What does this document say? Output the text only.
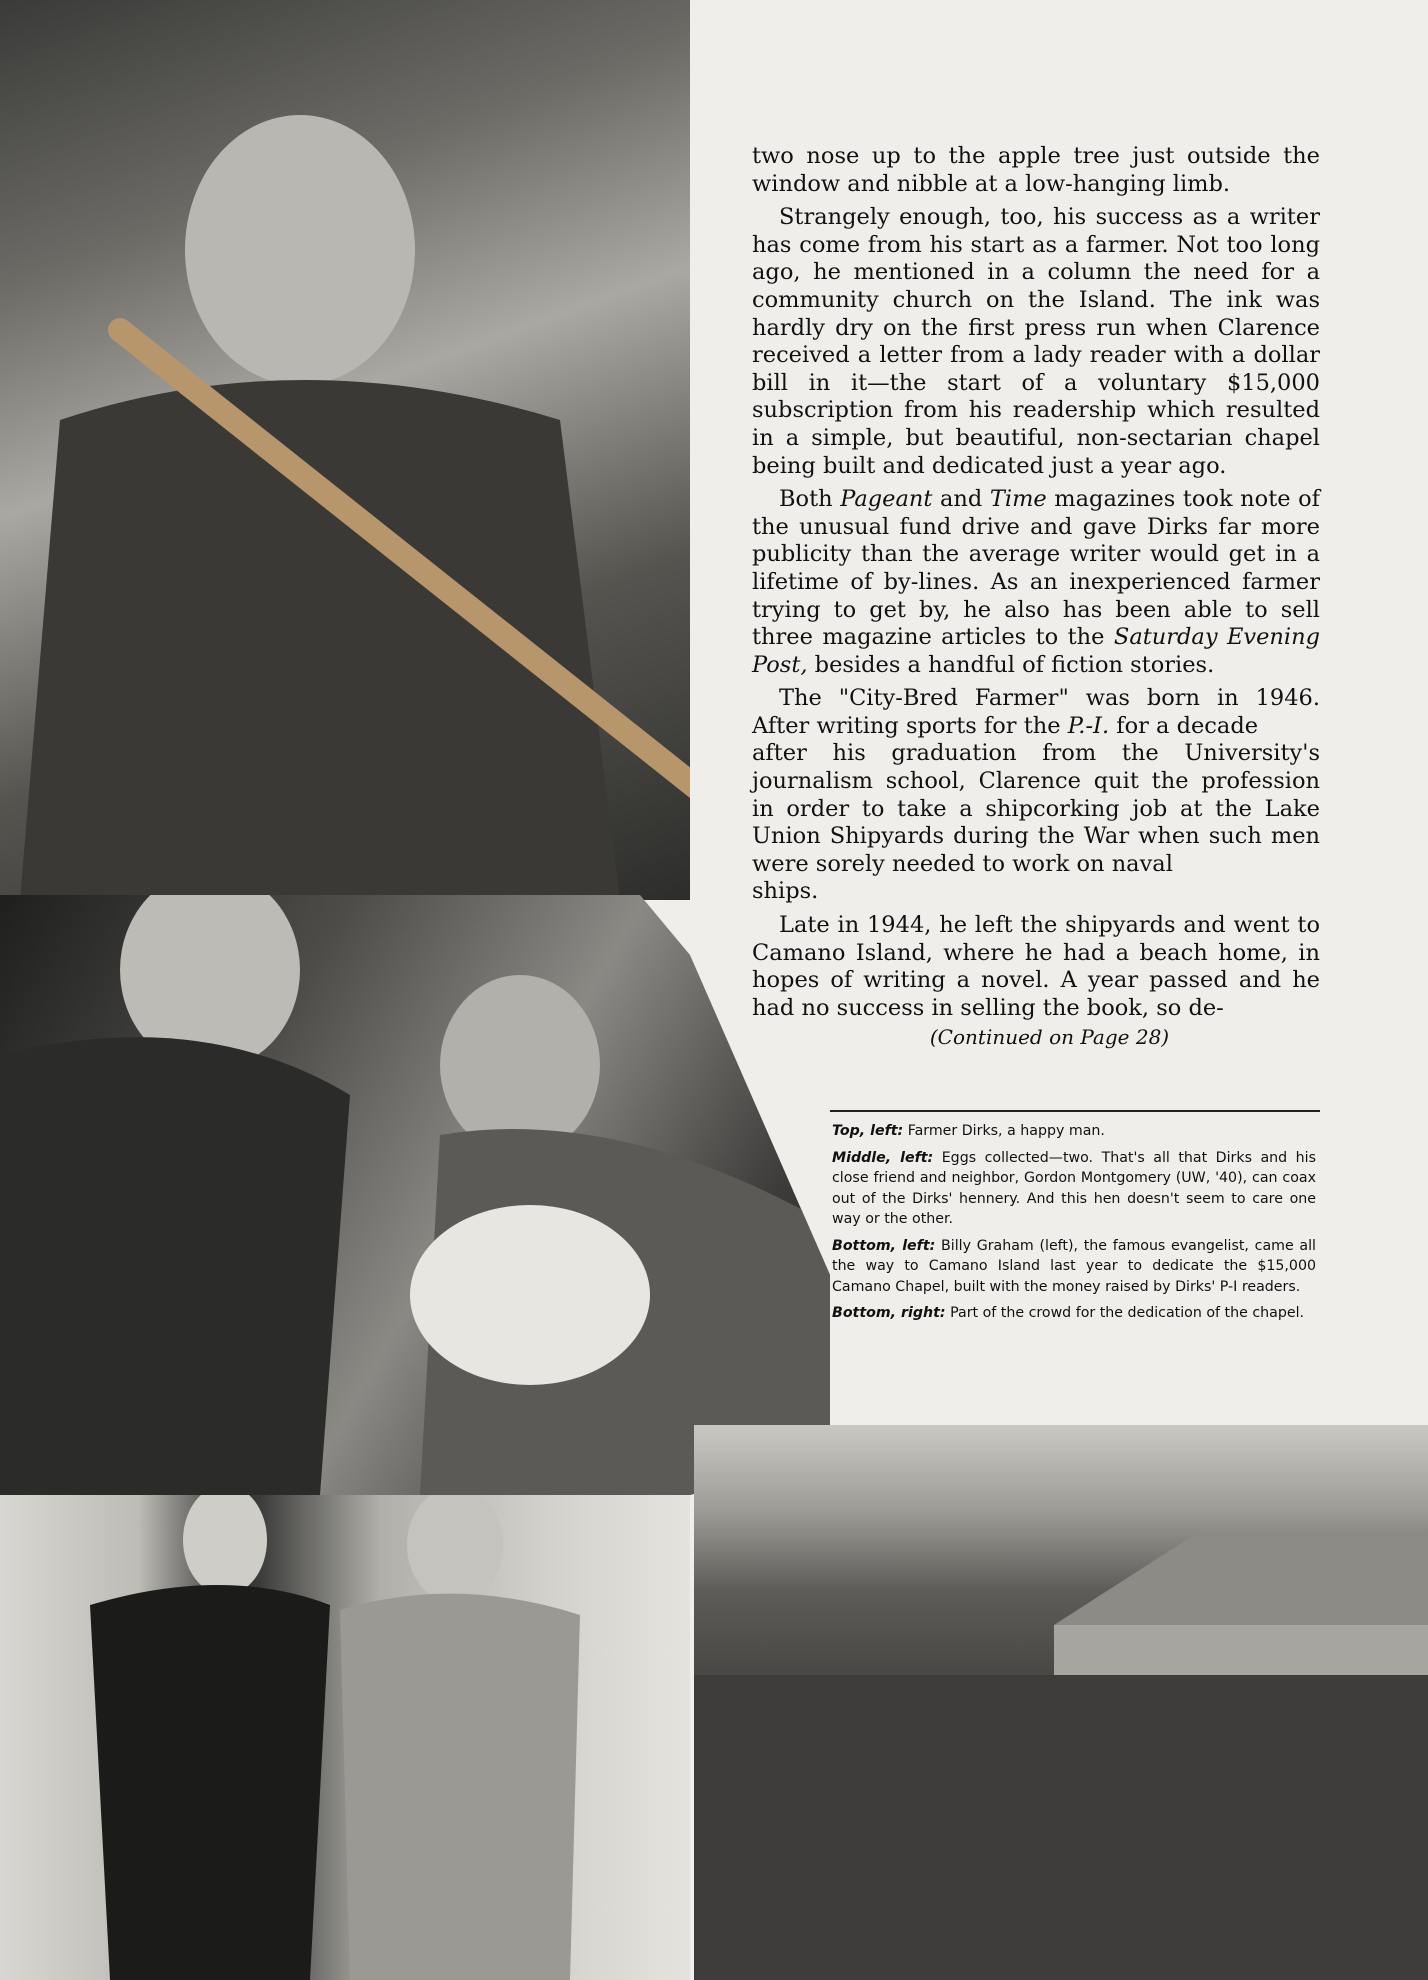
two nose up to the apple tree just outside the window and nibble at a low-hanging limb.

Strangely enough, too, his success as a writer has come from his start as a farmer. Not too long ago, he mentioned in a column the need for a community church on the Island. The ink was hardly dry on the first press run when Clarence received a letter from a lady reader with a dollar bill in it—the start of a voluntary $15,000 subscription from his readership which resulted in a simple, but beautiful, non-sectarian chapel being built and dedicated just a year ago.

Both Pageant and Time magazines took note of the unusual fund drive and gave Dirks far more publicity than the average writer would get in a lifetime of by-lines. As an inexperienced farmer trying to get by, he also has been able to sell three magazine articles to the Saturday Evening Post, besides a handful of fiction stories.

The "City-Bred Farmer" was born in 1946. After writing sports for the P.-I. for a decade

after his graduation from the University's journalism school, Clarence quit the profession in order to take a shipcorking job at the Lake Union Shipyards during the War when such men were sorely needed to work on naval

ships.

Late in 1944, he left the shipyards and went to Camano Island, where he had a beach home, in hopes of writing a novel. A year passed and he had no success in selling the book, so de-

(Continued on Page 28)

Top, left: Farmer Dirks, a happy man.

Middle, left: Eggs collected—two. That's all that Dirks and his close friend and neighbor, Gordon Montgomery (UW, '40), can coax out of the Dirks' hennery. And this hen doesn't seem to care one way or the other.

Bottom, left: Billy Graham (left), the famous evangelist, came all the way to Camano Island last year to dedicate the $15,000 Camano Chapel, built with the money raised by Dirks' P-I readers.

Bottom, right: Part of the crowd for the dedication of the chapel.
